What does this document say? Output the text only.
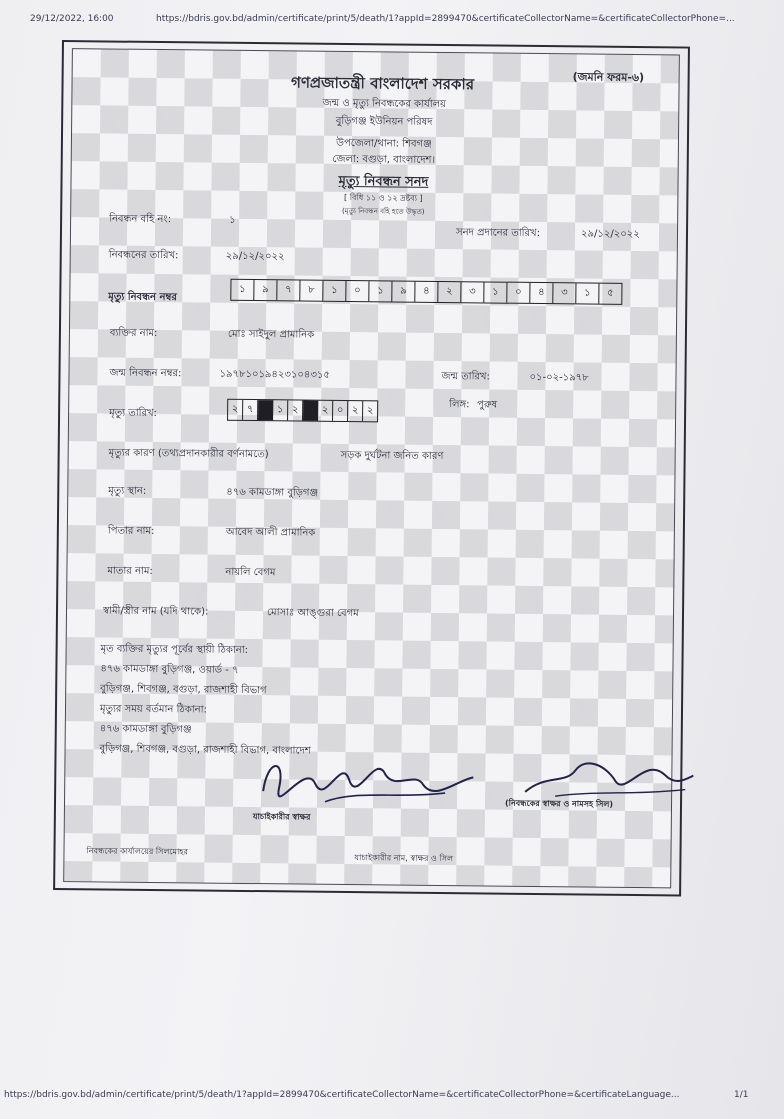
29/12/2022, 16:00	https://bdris.gov.bd/admin/certificate/print/5/death/1?appId=2899470&certificateCollectorName=&certificateCollectorPhone=...
(জমনি ফরম-৬)
গণপ্রজাতন্ত্রী বাংলাদেশ সরকার
জন্ম ও মৃত্যু নিবন্ধকের কার্যালয়
বুড়িগঞ্জ ইউনিয়ন পরিষদ
উপজেলা/থানা: শিবগঞ্জ
জেলা: বগুড়া, বাংলাদেশ।
মৃত্যু নিবন্ধন সনদ
[ বিধি ১১ ও ১২ দ্রষ্টব্য ]
(মৃত্যু নিবন্ধন বহি হতে উদ্ধৃত)
নিবন্ধন বহি নং:	১
সনদ প্রদানের তারিখ:	২৯/১২/২০২২
নিবন্ধনের তারিখ:	২৯/১২/২০২২
মৃত্যু নিবন্ধন নম্বর
১	৯	৭	৮	১	০	১	৯	৪	২	৩	১	০	৪	৩	১	৫
ব্যক্তির নাম:	মোঃ সাইদুল প্রামানিক
জন্ম নিবন্ধন নম্বর:	১৯৭৮১০১৯৪২৩১০৪৩১৫	জন্ম তারিখ:	০১-০২-১৯৭৮
মৃত্যু তারিখ:	২ ৭	১ ২	২ ০ ২ ২
লিঙ্গ: পুরুষ
মৃত্যুর কারণ (তথ্যপ্রদানকারীর বর্ণনামতে)	সড়ক দুর্ঘটনা জনিত কারণ
মৃত্যু স্থান:	৪৭৬ কামডাঙ্গা বুড়িগঞ্জ
পিতার নাম:	আবেদ আলী প্রামানিক
মাতার নাম:	নায়লি বেগম
স্বামী/স্ত্রীর নাম (যদি থাকে):	মোসাঃ আঙ্গুরা বেগম
মৃত ব্যক্তির মৃত্যুর পূর্বের স্থায়ী ঠিকানা:
৪৭৬ কামডাঙ্গা বুড়িগঞ্জ, ওয়ার্ড - ৭
বুড়িগঞ্জ, শিবগঞ্জ, বগুড়া, রাজশাহী বিভাগ
মৃত্যুর সময় বর্তমান ঠিকানা:
৪৭৬ কামডাঙ্গা বুড়িগঞ্জ
বুড়িগঞ্জ, শিবগঞ্জ, বগুড়া, রাজশাহী বিভাগ, বাংলাদেশ
যাচাইকারীর স্বাক্ষর
(নিবন্ধকের স্বাক্ষর ও নামসহ সিল)
নিবন্ধকের কার্যালয়ের সিলমোহর
যাচাইকারীর নাম, স্বাক্ষর ও সিল
https://bdris.gov.bd/admin/certificate/print/5/death/1?appId=2899470&certificateCollectorName=&certificateCollectorPhone=&certificateLanguage...	1/1
